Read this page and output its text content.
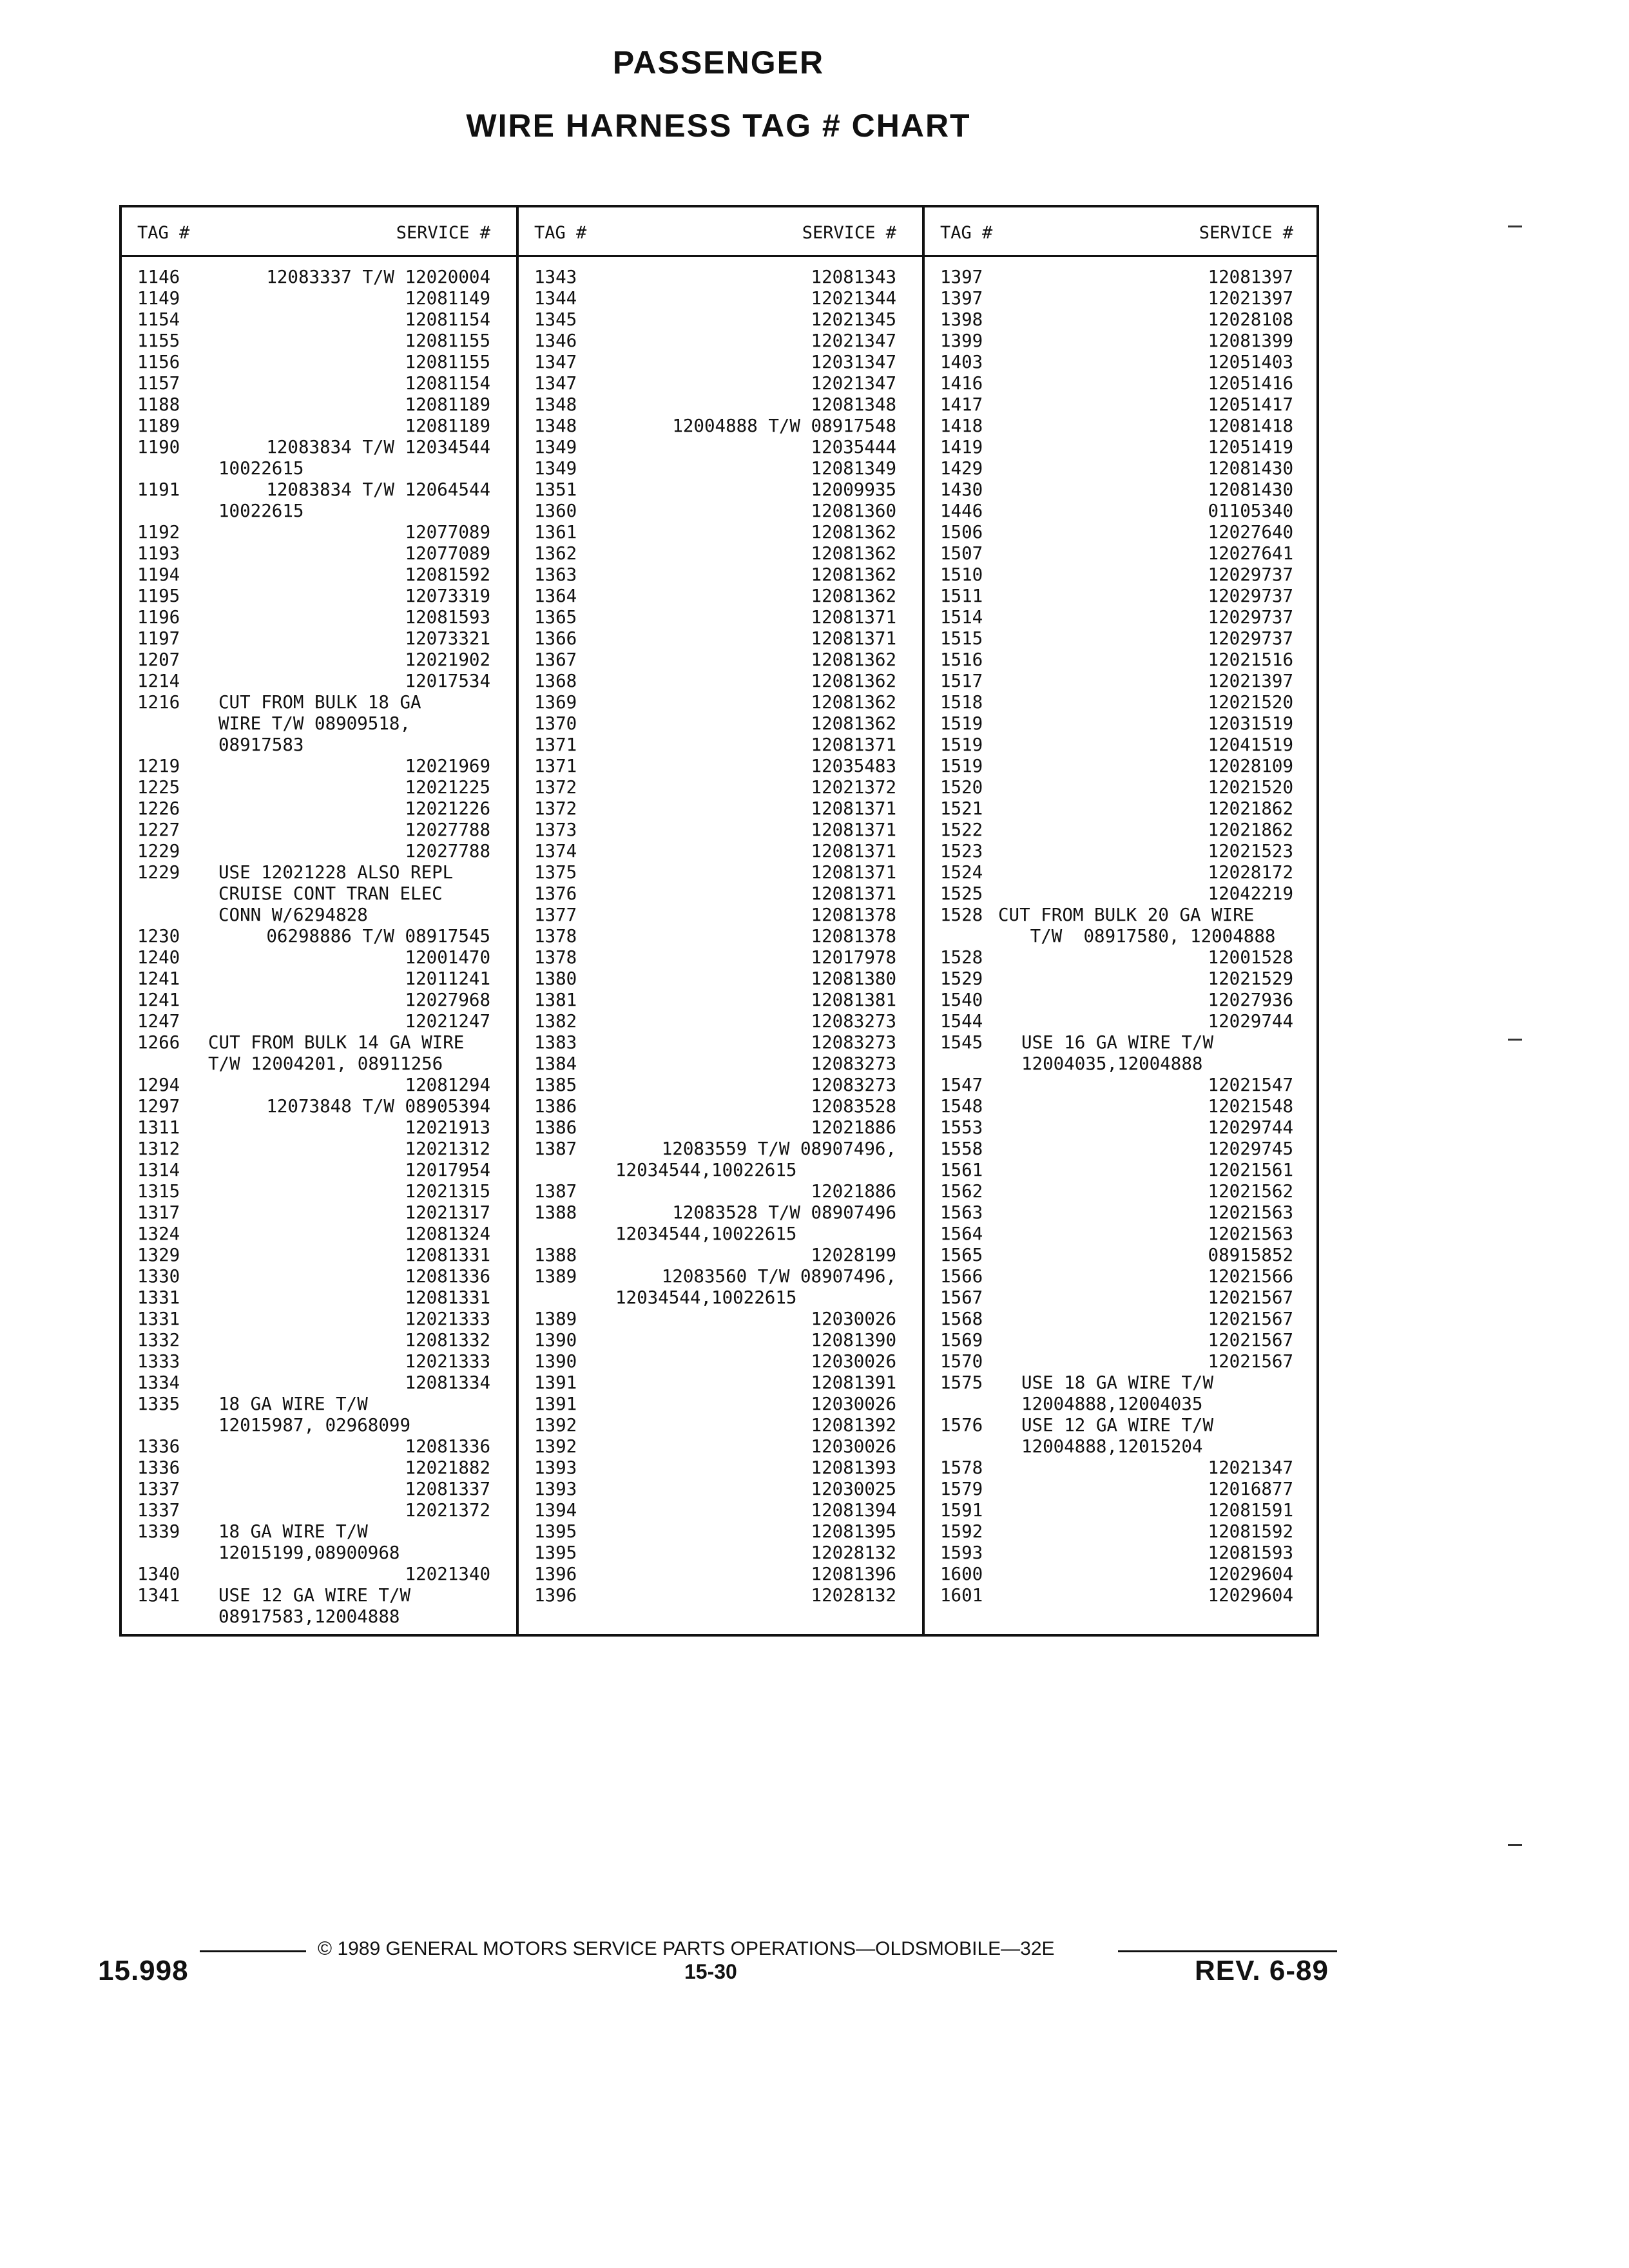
PASSENGER
WIRE HARNESS TAG # CHART
TAG #	SERVICE #
1146	12083337 T/W 12020004
1149	12081149
1154	12081154
1155	12081155
1156	12081155
1157	12081154
1188	12081189
1189	12081189
1190	12083834 T/W 12034544
10022615
1191	12083834 T/W 12064544
10022615
1192	12077089
1193	12077089
1194	12081592
1195	12073319
1196	12081593
1197	12073321
1207	12021902
1214	12017534
1216	CUT FROM BULK 18 GA
WIRE T/W 08909518,
08917583
1219	12021969
1225	12021225
1226	12021226
1227	12027788
1229	12027788
1229	USE 12021228 ALSO REPL
CRUISE CONT TRAN ELEC
CONN W/6294828
1230	06298886 T/W 08917545
1240	12001470
1241	12011241
1241	12027968
1247	12021247
1266	CUT FROM BULK 14 GA WIRE
T/W 12004201, 08911256
1294	12081294
1297	12073848 T/W 08905394
1311	12021913
1312	12021312
1314	12017954
1315	12021315
1317	12021317
1324	12081324
1329	12081331
1330	12081336
1331	12081331
1331	12021333
1332	12081332
1333	12021333
1334	12081334
1335	18 GA WIRE T/W
12015987, 02968099
1336	12081336
1336	12021882
1337	12081337
1337	12021372
1339	18 GA WIRE T/W
12015199,08900968
1340	12021340
1341	USE 12 GA WIRE T/W
08917583,12004888
TAG #	SERVICE #
1343	12081343
1344	12021344
1345	12021345
1346	12021347
1347	12031347
1347	12021347
1348	12081348
1348	12004888 T/W 08917548
1349	12035444
1349	12081349
1351	12009935
1360	12081360
1361	12081362
1362	12081362
1363	12081362
1364	12081362
1365	12081371
1366	12081371
1367	12081362
1368	12081362
1369	12081362
1370	12081362
1371	12081371
1371	12035483
1372	12021372
1372	12081371
1373	12081371
1374	12081371
1375	12081371
1376	12081371
1377	12081378
1378	12081378
1378	12017978
1380	12081380
1381	12081381
1382	12083273
1383	12083273
1384	12083273
1385	12083273
1386	12083528
1386	12021886
1387	12083559 T/W 08907496,
12034544,10022615
1387	12021886
1388	12083528 T/W 08907496
12034544,10022615
1388	12028199
1389	12083560 T/W 08907496,
12034544,10022615
1389	12030026
1390	12081390
1390	12030026
1391	12081391
1391	12030026
1392	12081392
1392	12030026
1393	12081393
1393	12030025
1394	12081394
1395	12081395
1395	12028132
1396	12081396
1396	12028132
TAG #	SERVICE #
1397	12081397
1397	12021397
1398	12028108
1399	12081399
1403	12051403
1416	12051416
1417	12051417
1418	12081418
1419	12051419
1429	12081430
1430	12081430
1446	01105340
1506	12027640
1507	12027641
1510	12029737
1511	12029737
1514	12029737
1515	12029737
1516	12021516
1517	12021397
1518	12021520
1519	12031519
1519	12041519
1519	12028109
1520	12021520
1521	12021862
1522	12021862
1523	12021523
1524	12028172
1525	12042219
1528 CUT FROM BULK 20 GA WIRE
T/W  08917580, 12004888
1528	12001528
1529	12021529
1540	12027936
1544	12029744
1545	USE 16 GA WIRE T/W
12004035,12004888
1547	12021547
1548	12021548
1553	12029744
1558	12029745
1561	12021561
1562	12021562
1563	12021563
1564	12021563
1565	08915852
1566	12021566
1567	12021567
1568	12021567
1569	12021567
1570	12021567
1575	USE 18 GA WIRE T/W
12004888,12004035
1576	USE 12 GA WIRE T/W
12004888,12015204
1578	12021347
1579	12016877
1591	12081591
1592	12081592
1593	12081593
1600	12029604
1601	12029604
© 1989 GENERAL MOTORS SERVICE PARTS OPERATIONS—OLDSMOBILE—32E
15.998	15-30	REV. 6-89
